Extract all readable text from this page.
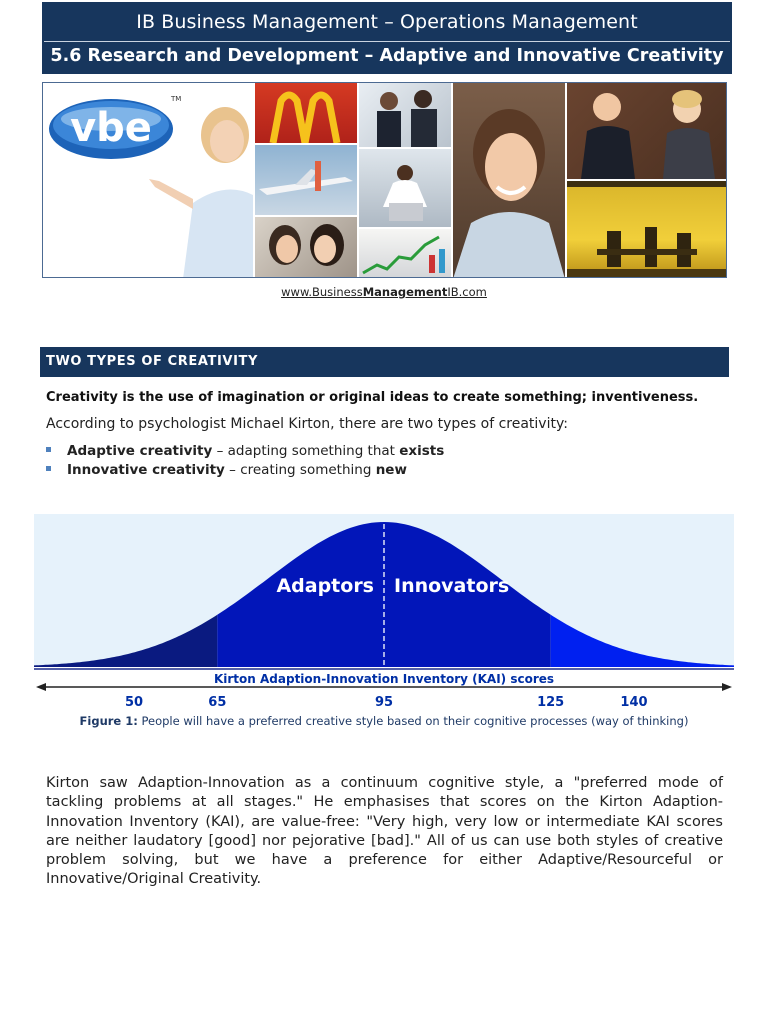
IB Business Management – Operations Management
5.6 Research and Development – Adaptive and Innovative Creativity
vbe
TM
www.BusinessManagementIB.com
TWO TYPES OF CREATIVITY
Creativity is the use of imagination or original ideas to create something; inventiveness.
According to psychologist Michael Kirton, there are two types of creativity:
Adaptive creativity – adapting something that exists
Innovative creativity – creating something new
Adaptors Innovators
Kirton Adaption-Innovation Inventory (KAI) scores
50	65	95	125	140
Figure 1: People will have a preferred creative style based on their cognitive processes (way of thinking)
Kirton saw Adaption-Innovation as a continuum cognitive style, a "preferred mode of tackling problems at all stages." He emphasises that scores on the Kirton Adaption-Innovation Inventory (KAI), are value-free: "Very high, very low or intermediate KAI scores are neither laudatory [good] nor pejorative [bad]." All of us can use both styles of creative problem solving, but we have a preference for either Adaptive/Resourceful or Innovative/Original Creativity.
